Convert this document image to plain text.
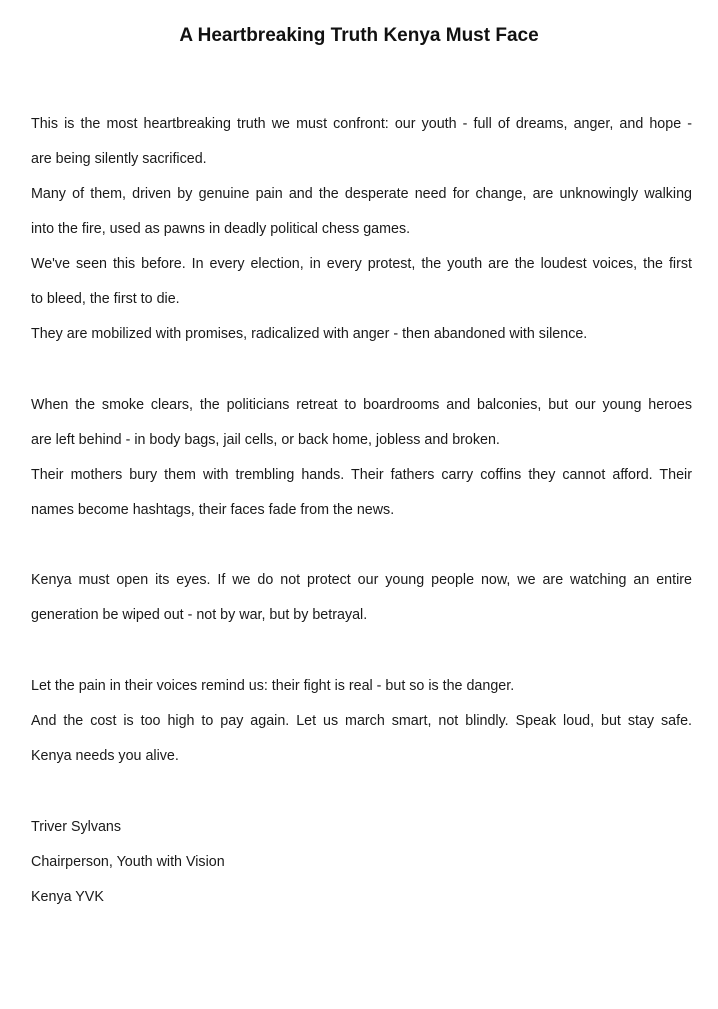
A Heartbreaking Truth Kenya Must Face
This is the most heartbreaking truth we must confront: our youth - full of dreams, anger, and hope -
are being silently sacrificed.
Many of them, driven by genuine pain and the desperate need for change, are unknowingly walking
into the fire, used as pawns in deadly political chess games.
We've seen this before. In every election, in every protest, the youth are the loudest voices, the first
to bleed, the first to die.
They are mobilized with promises, radicalized with anger - then abandoned with silence.
When the smoke clears, the politicians retreat to boardrooms and balconies, but our young heroes
are left behind - in body bags, jail cells, or back home, jobless and broken.
Their mothers bury them with trembling hands. Their fathers carry coffins they cannot afford. Their
names become hashtags, their faces fade from the news.
Kenya must open its eyes. If we do not protect our young people now, we are watching an entire
generation be wiped out - not by war, but by betrayal.
Let the pain in their voices remind us: their fight is real - but so is the danger.
And the cost is too high to pay again. Let us march smart, not blindly. Speak loud, but stay safe.
Kenya needs you alive.
Triver Sylvans
Chairperson, Youth with Vision
Kenya YVK
